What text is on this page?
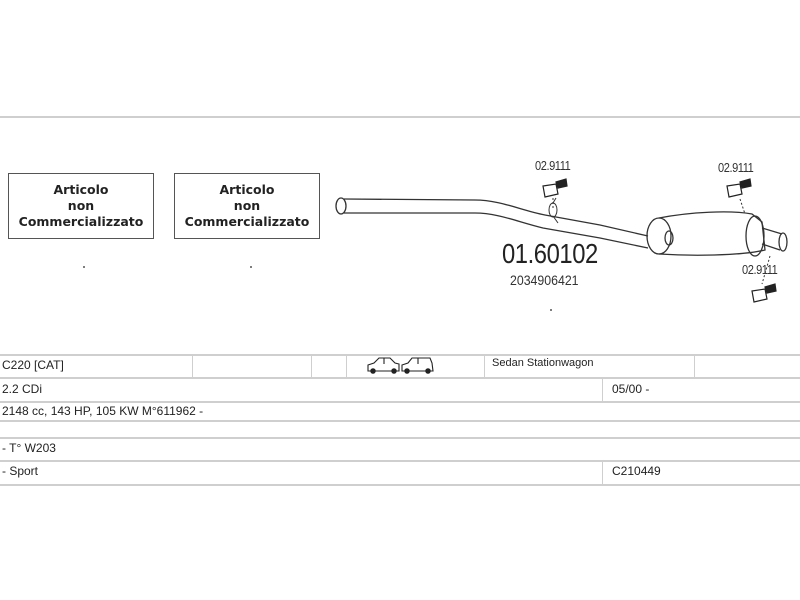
Articolo
non
Commercializzato
Articolo
non
Commercializzato
02.9111	02.9111
02.9111
01.60102
2034906421
C220 [CAT]	Sedan Stationwagon
2.2 CDi	05/00 -
2148 cc, 143 HP, 105 KW M°611962 -
- T° W203
- Sport	C210449
